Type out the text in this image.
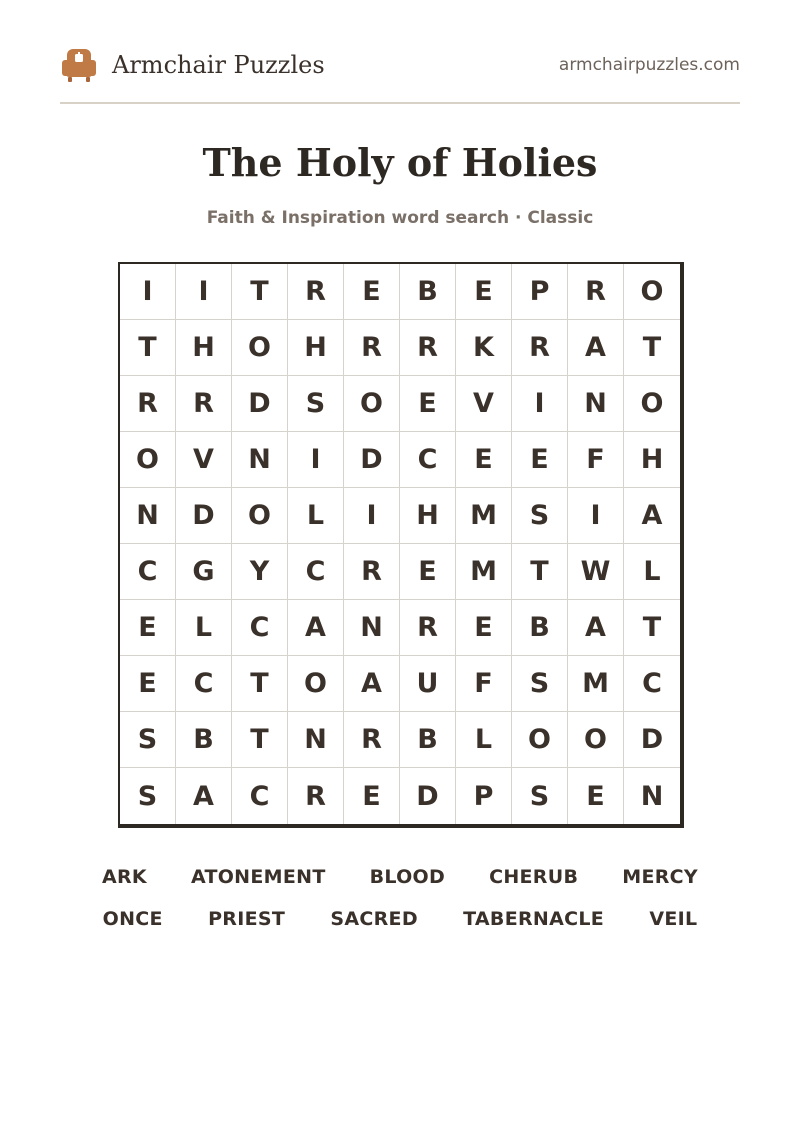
Armchair Puzzles	armchairpuzzles.com
The Holy of Holies
Faith & Inspiration word search · Classic
I	I	T	R	E	B	E	P	R	O
T	H	O	H	R	R	K	R	A	T
R	R	D	S	O	E	V	I	N	O
O	V	N	I	D	C	E	E	F	H
N	D	O	L	I	H	M	S	I	A
C	G	Y	C	R	E	M	T	W	L
E	L	C	A	N	R	E	B	A	T
E	C	T	O	A	U	F	S	M	C
S	B	T	N	R	B	L	O	O	D
S	A	C	R	E	D	P	S	E	N
ARK ATONEMENT BLOOD CHERUB MERCY
ONCE PRIEST SACRED TABERNACLE VEIL
